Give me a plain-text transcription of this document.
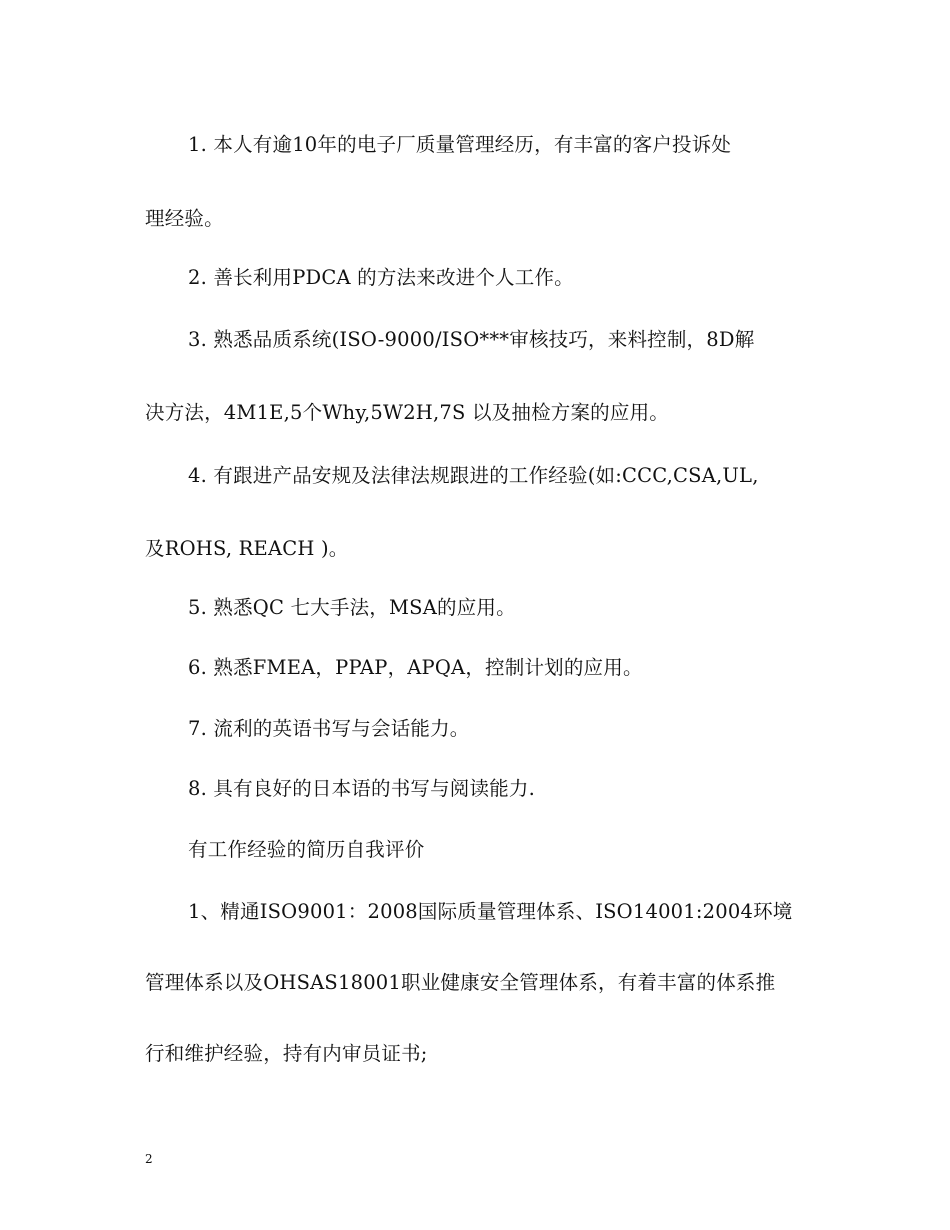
1. 本人有逾10年的电子厂质量管理经历，有丰富的客户投诉处
理经验。
2. 善长利用PDCA 的方法来改进个人工作。
3. 熟悉品质系统(ISO-9000/ISO***审核技巧，来料控制，8D解
决方法，4M1E,5个Why,5W2H,7S 以及抽检方案的应用。
4. 有跟进产品安规及法律法规跟进的工作经验(如:CCC,CSA,UL,
及ROHS, REACH )。
5. 熟悉QC 七大手法，MSA的应用。
6. 熟悉FMEA，PPAP，APQA，控制计划的应用。
7. 流利的英语书写与会话能力。
8. 具有良好的日本语的书写与阅读能力.
有工作经验的简历自我评价
1、精通ISO9001：2008国际质量管理体系、ISO14001:2004环境
管理体系以及OHSAS18001职业健康安全管理体系，有着丰富的体系推
行和维护经验，持有内审员证书;
2
